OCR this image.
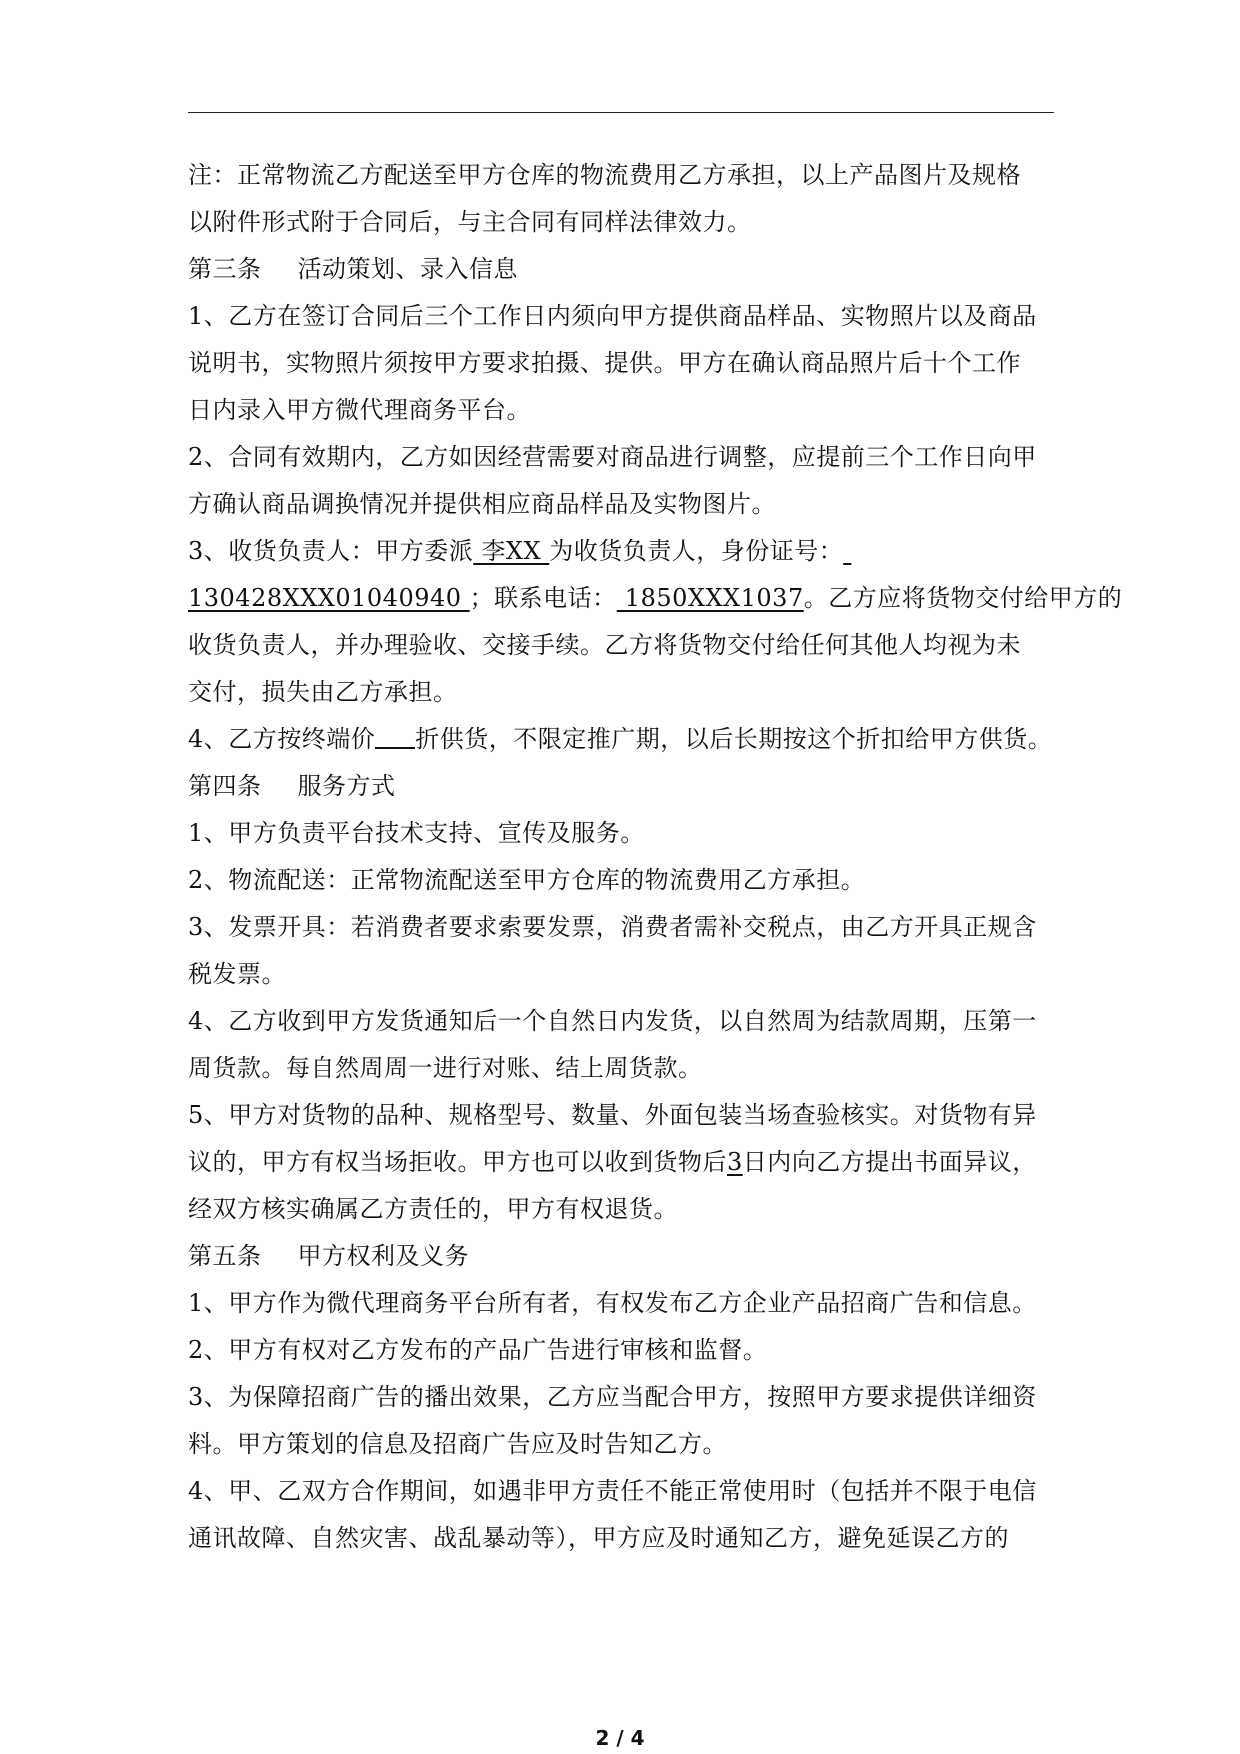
注：正常物流乙方配送至甲方仓库的物流费用乙方承担，以上产品图片及规格
以附件形式附于合同后，与主合同有同样法律效力。
第三条 活动策划、录入信息
1、乙方在签订合同后三个工作日内须向甲方提供商品样品、实物照片以及商品
说明书，实物照片须按甲方要求拍摄、提供。甲方在确认商品照片后十个工作
日内录入甲方微代理商务平台。
2、合同有效期内，乙方如因经营需要对商品进行调整，应提前三个工作日向甲
方确认商品调换情况并提供相应商品样品及实物图片。
3、收货负责人：甲方委派 李XX 为收货负责人，身份证号：
130428XXX01040940 ；联系电话： 1850XXX1037。乙方应将货物交付给甲方的
收货负责人，并办理验收、交接手续。乙方将货物交付给任何其他人均视为未
交付，损失由乙方承担。
4、乙方按终端价 折供货，不限定推广期，以后长期按这个折扣给甲方供货。
第四条 服务方式
1、甲方负责平台技术支持、宣传及服务。
2、物流配送：正常物流配送至甲方仓库的物流费用乙方承担。
3、发票开具：若消费者要求索要发票，消费者需补交税点，由乙方开具正规含
税发票。
4、乙方收到甲方发货通知后一个自然日内发货，以自然周为结款周期，压第一
周货款。每自然周周一进行对账、结上周货款。
5、甲方对货物的品种、规格型号、数量、外面包装当场查验核实。对货物有异
议的，甲方有权当场拒收。甲方也可以收到货物后3日内向乙方提出书面异议，
经双方核实确属乙方责任的，甲方有权退货。
第五条 甲方权利及义务
1、甲方作为微代理商务平台所有者，有权发布乙方企业产品招商广告和信息。
2、甲方有权对乙方发布的产品广告进行审核和监督。
3、为保障招商广告的播出效果，乙方应当配合甲方，按照甲方要求提供详细资
料。甲方策划的信息及招商广告应及时告知乙方。
4、甲、乙双方合作期间，如遇非甲方责任不能正常使用时（包括并不限于电信
通讯故障、自然灾害、战乱暴动等），甲方应及时通知乙方，避免延误乙方的
2 / 4
